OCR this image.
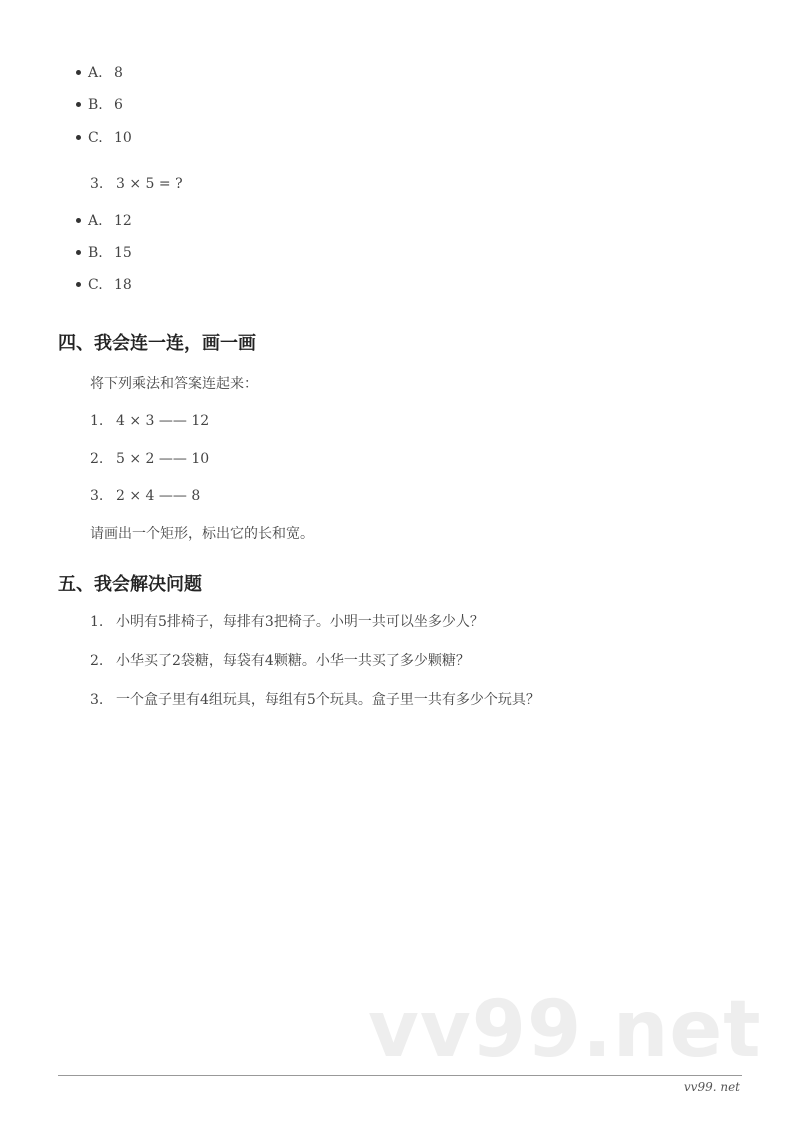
A. 8
B. 6
C. 10
3. 3 × 5 = ?
A. 12
B. 15
C. 18
四、我会连一连，画一画
将下列乘法和答案连起来：
1. 4 × 3 —— 12
2. 5 × 2 —— 10
3. 2 × 4 —— 8
请画出一个矩形，标出它的长和宽。
五、我会解决问题
1. 小明有5排椅子，每排有3把椅子。小明一共可以坐多少人？
2. 小华买了2袋糖，每袋有4颗糖。小华一共买了多少颗糖？
3. 一个盒子里有4组玩具，每组有5个玩具。盒子里一共有多少个玩具？
vv99.net
vv99. net
